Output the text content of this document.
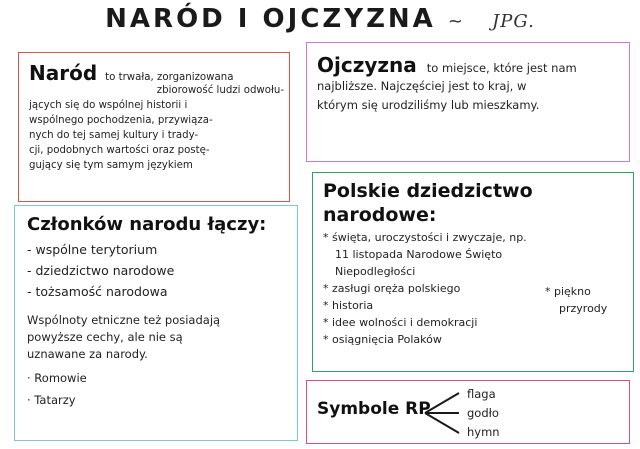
NARÓD I OJCZYZNA ~ JPG.
Naród to trwała, zorganizowana
zbiorowość ludzi odwołu-
jących się do wspólnej historii i
wspólnego pochodzenia, przywiąza-
nych do tej samej kultury i trady-
cji, podobnych wartości oraz postę-
gujący się tym samym językiem
Ojczyzna to miejsce, które jest nam
najbliższe. Najczęściej jest to kraj, w
którym się urodziliśmy lub mieszkamy.
Członków narodu łączy:
- wspólne terytorium
- dziedzictwo narodowe
- tożsamość narodowa
Wspólnoty etniczne też posiadają
powyższe cechy, ale nie są
uznawane za narody.
· Romowie
· Tatarzy
Polskie dziedzictwo
narodowe:
* święta, uroczystości i zwyczaje, np.
11 listopada Narodowe Święto
Niepodległości
* zasługi oręża polskiego
* historia
* idee wolności i demokracji
* osiągnięcia Polaków
* piękno
przyrody
Symbole RP
flaga
godło
hymn
